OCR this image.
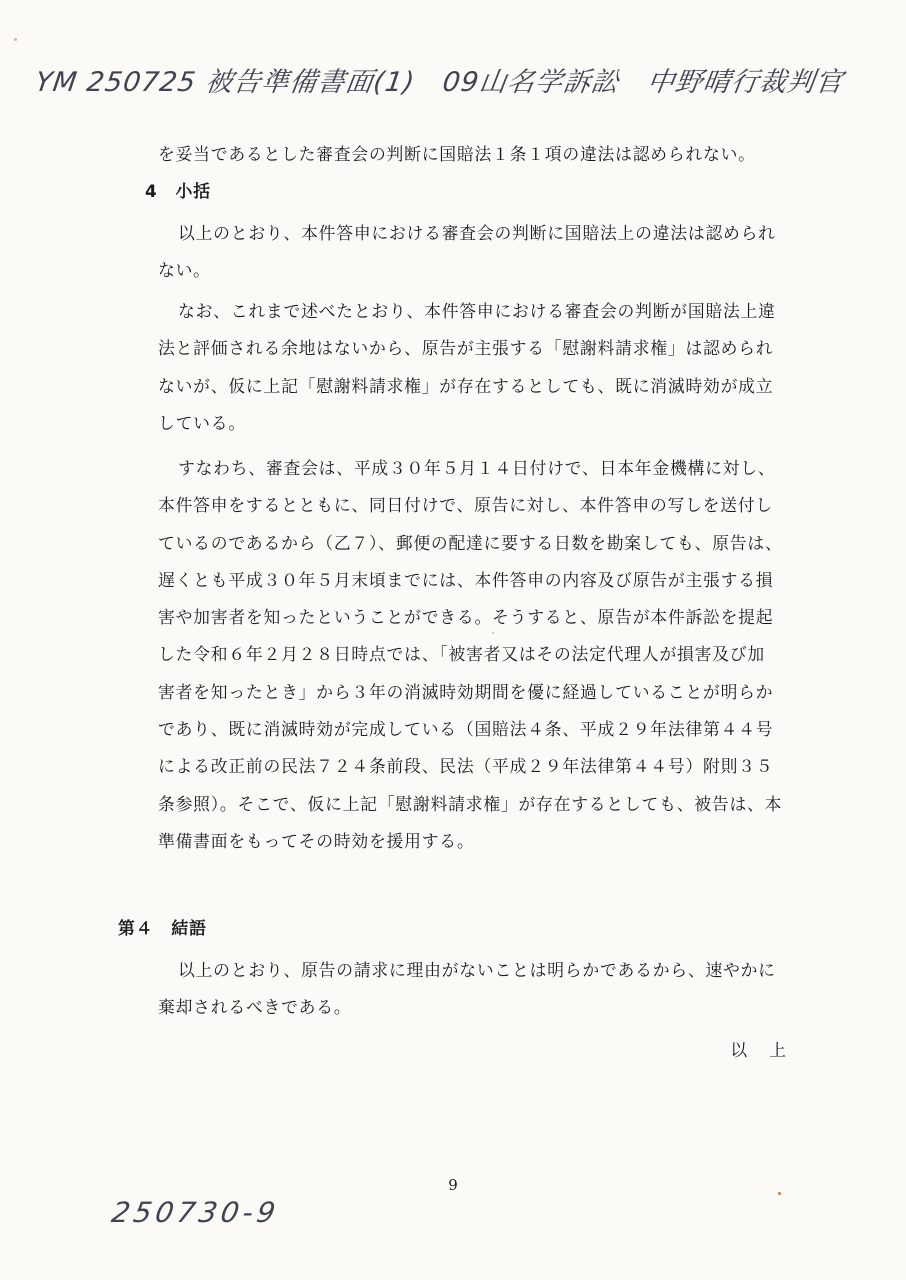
YM 250725 被告準備書面(1)　09山名学訴訟　中野晴行裁判官
を妥当であるとした審査会の判断に国賠法１条１項の違法は認められない。
4　小括
以上のとおり、本件答申における審査会の判断に国賠法上の違法は認められ
ない。
なお、これまで述べたとおり、本件答申における審査会の判断が国賠法上違
法と評価される余地はないから、原告が主張する「慰謝料請求権」は認められ
ないが、仮に上記「慰謝料請求権」が存在するとしても、既に消滅時効が成立
している。
すなわち、審査会は、平成３０年５月１４日付けで、日本年金機構に対し、
本件答申をするとともに、同日付けで、原告に対し、本件答申の写しを送付し
ているのであるから（乙７）、郵便の配達に要する日数を勘案しても、原告は、
遅くとも平成３０年５月末頃までには、本件答申の内容及び原告が主張する損
害や加害者を知ったということができる。そうすると、原告が本件訴訟を提起
した令和６年２月２８日時点では、「被害者又はその法定代理人が損害及び加
害者を知ったとき」から３年の消滅時効期間を優に経過していることが明らか
であり、既に消滅時効が完成している（国賠法４条、平成２９年法律第４４号
による改正前の民法７２４条前段、民法（平成２９年法律第４４号）附則３５
条参照）。そこで、仮に上記「慰謝料請求権」が存在するとしても、被告は、本
準備書面をもってその時効を援用する。
第４　結語
以上のとおり、原告の請求に理由がないことは明らかであるから、速やかに
棄却されるべきである。
以上
9
250730-9
